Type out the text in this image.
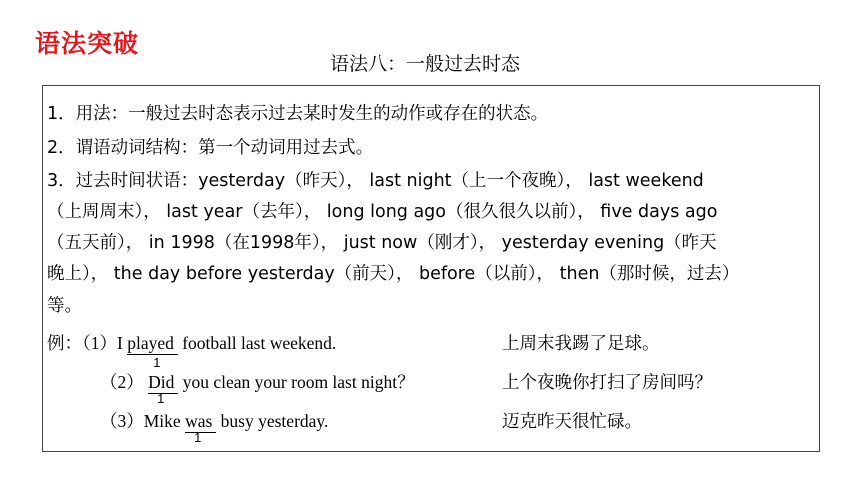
语法突破
语法八：一般过去时态
1．用法：一般过去时态表示过去某时发生的动作或存在的状态。
2．谓语动词结构：第一个动词用过去式。
3．过去时间状语：yesterday（昨天）， last night（上一个夜晚）， last weekend
（上周周末）， last year（去年）， long long ago（很久很久以前）， five days ago
（五天前）， in 1998（在1998年）， just now（刚才）， yesterday evening（昨天
晚上）， the day before yesterday（前天）， before（以前）， then（那时候，过去）
等。
例：（1）I played
1
football last weekend.	上周末我踢了足球。
（2） Did
1
you clean your room last night？	上个夜晚你打扫了房间吗？
（3）Mike was
1
busy yesterday.	迈克昨天很忙碌。
